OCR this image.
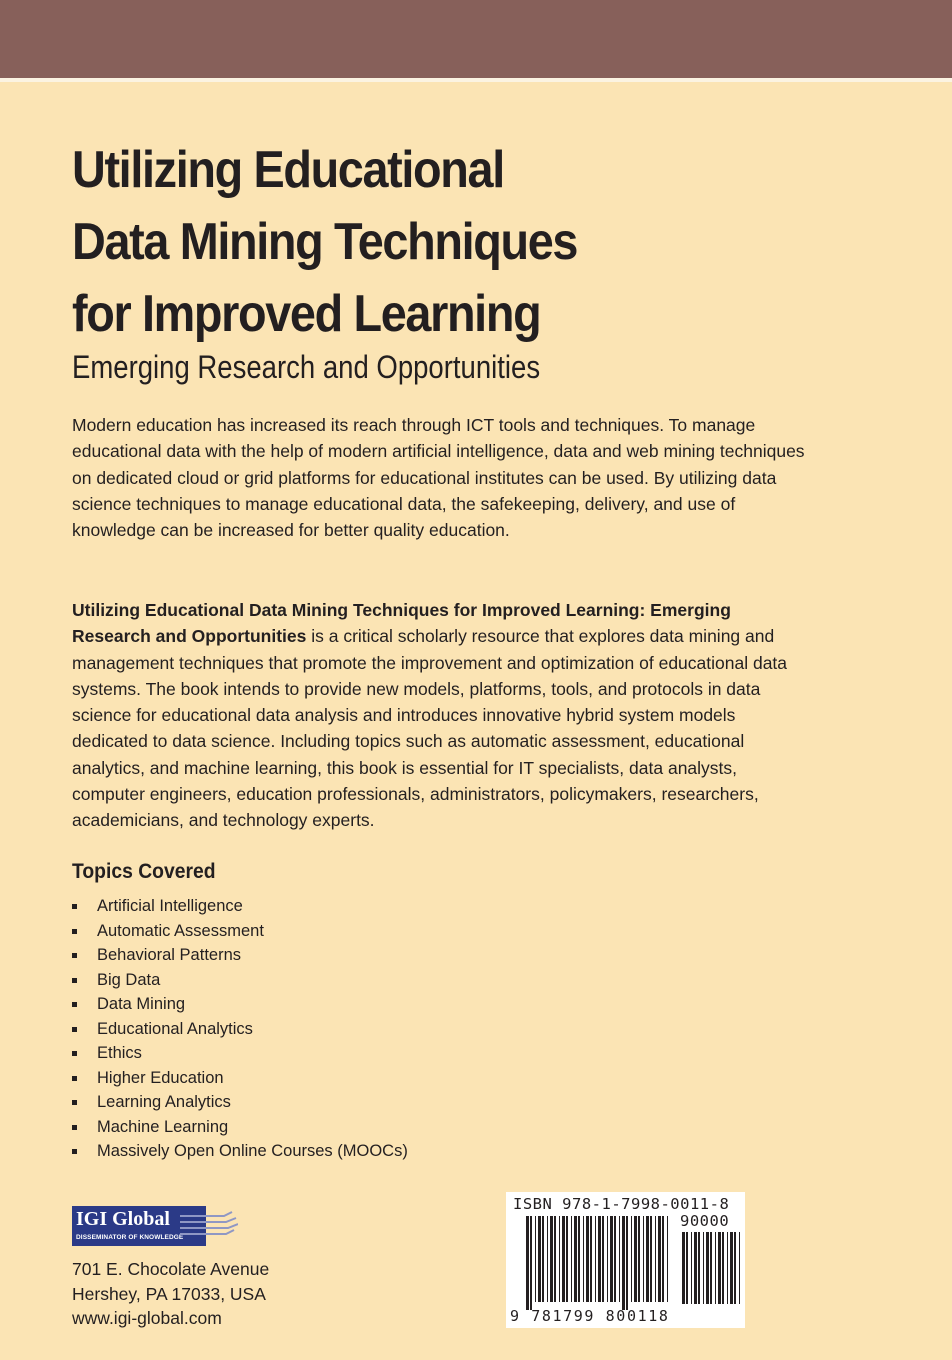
Utilizing Educational
Data Mining Techniques
for Improved Learning

Emerging Research and Opportunities

Modern education has increased its reach through ICT tools and techniques. To manage educational data with the help of modern artificial intelligence, data and web mining techniques on dedicated cloud or grid platforms for educational institutes can be used. By utilizing data science techniques to manage educational data, the safekeeping, delivery, and use of knowledge can be increased for better quality education.

Utilizing Educational Data Mining Techniques for Improved Learning: Emerging Research and Opportunities is a critical scholarly resource that explores data mining and management techniques that promote the improvement and optimization of educational data systems. The book intends to provide new models, platforms, tools, and protocols in data science for educational data analysis and introduces innovative hybrid system models dedicated to data science. Including topics such as automatic assessment, educational analytics, and machine learning, this book is essential for IT specialists, data analysts, computer engineers, education professionals, administrators, policymakers, researchers, academicians, and technology experts.

Topics Covered
Artificial Intelligence
Automatic Assessment
Behavioral Patterns
Big Data
Data Mining
Educational Analytics
Ethics
Higher Education
Learning Analytics
Machine Learning
Massively Open Online Courses (MOOCs)
IGI Global
DISSEMINATOR OF KNOWLEDGE
701 E. Chocolate Avenue
Hershey, PA 17033, USA
www.igi-global.com
ISBN 978-1-7998-0011-8
90000
9 781799 800118
